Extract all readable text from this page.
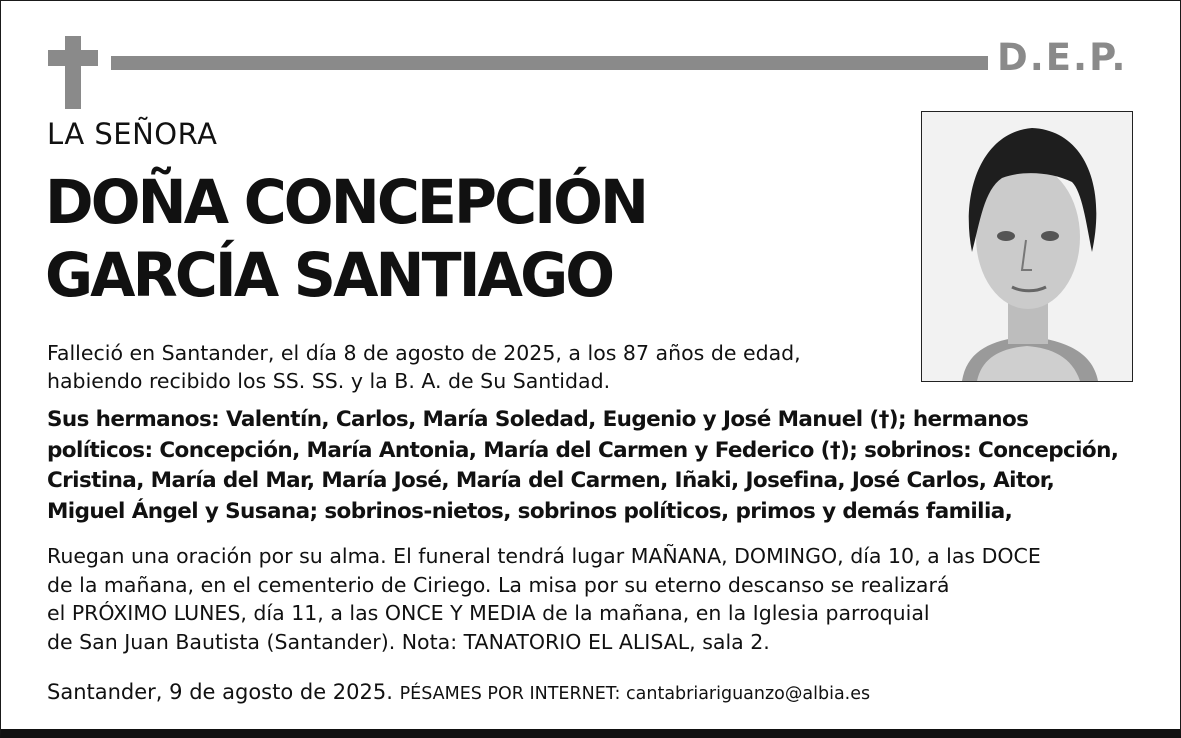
D.E.P.
LA SEÑORA
DOÑA CONCEPCIÓN
GARCÍA SANTIAGO
Falleció en Santander, el día 8 de agosto de 2025, a los 87 años de edad,
habiendo recibido los SS. SS. y la B. A. de Su Santidad.
Sus hermanos: Valentín, Carlos, María Soledad, Eugenio y José Manuel (†); hermanos
políticos: Concepción, María Antonia, María del Carmen y Federico (†); sobrinos: Concepción,
Cristina, María del Mar, María José, María del Carmen, Iñaki, Josefina, José Carlos, Aitor,
Miguel Ángel y Susana; sobrinos-nietos, sobrinos políticos, primos y demás familia,
Ruegan una oración por su alma. El funeral tendrá lugar MAÑANA, DOMINGO, día 10, a las DOCE
de la mañana, en el cementerio de Ciriego. La misa por su eterno descanso se realizará
el PRÓXIMO LUNES, día 11, a las ONCE Y MEDIA de la mañana, en la Iglesia parroquial
de San Juan Bautista (Santander). Nota: TANATORIO EL ALISAL, sala 2.
Santander, 9 de agosto de 2025. PÉSAMES POR INTERNET: cantabriariguanzo@albia.es
